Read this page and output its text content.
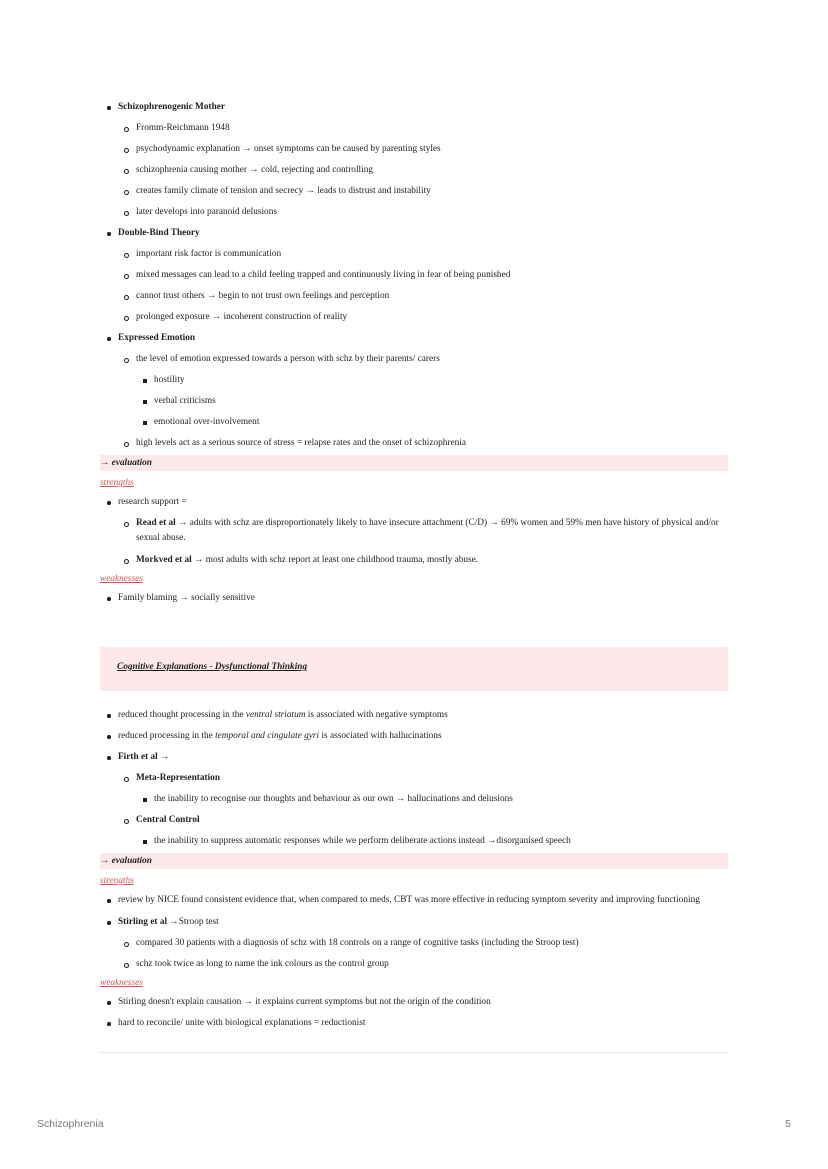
Schizophrenogenic Mother
Fromm-Reichmann 1948
psychodynamic explanation → onset symptoms can be caused by parenting styles
schizophrenia causing mother → cold, rejecting and controlling
creates family climate of tension and secrecy → leads to distrust and instability
later develops into paranoid delusions
Double-Bind Theory
important risk factor is communication
mixed messages can lead to a child feeling trapped and continuously living in fear of being punished
cannot trust others → begin to not trust own feelings and perception
prolonged exposure → incoherent construction of reality
Expressed Emotion
the level of emotion expressed towards a person with schz by their parents/ carers
hostility
verbal criticisms
emotional over-involvement
high levels act as a serious source of stress = relapse rates and the onset of schizophrenia
→ evaluation
strengths
research support =
Read et al → adults with schz are disproportionately likely to have insecure attachment (C/D) → 69% women and 59% men have history of physical and/or sexual abuse.
Morkved et al → most adults with schz report at least one childhood trauma, mostly abuse.
weaknesses
Family blaming → socially sensitive
Cognitive Explanations - Dysfunctional Thinking
reduced thought processing in the ventral striatum is associated with negative symptoms
reduced processing in the temporal and cingulate gyri is associated with hallucinations
Firth et al →
Meta-Representation
the inability to recognise our thoughts and behaviour as our own → hallucinations and delusions
Central Control
the inability to suppress automatic responses while we perform deliberate actions instead →disorganised speech
→ evaluation
strengths
review by NICE found consistent evidence that, when compared to meds, CBT was more effective in reducing symptom severity and improving functioning
Stirling et al →Stroop test
compared 30 patients with a diagnosis of schz with 18 controls on a range of cognitive tasks (including the Stroop test)
schz took twice as long to name the ink colours as the control group
weaknesses
Stirling doesn't explain causation → it explains current symptoms but not the origin of the condition
hard to reconcile/ unite with biological explanations = reductionist
Schizophrenia	5
